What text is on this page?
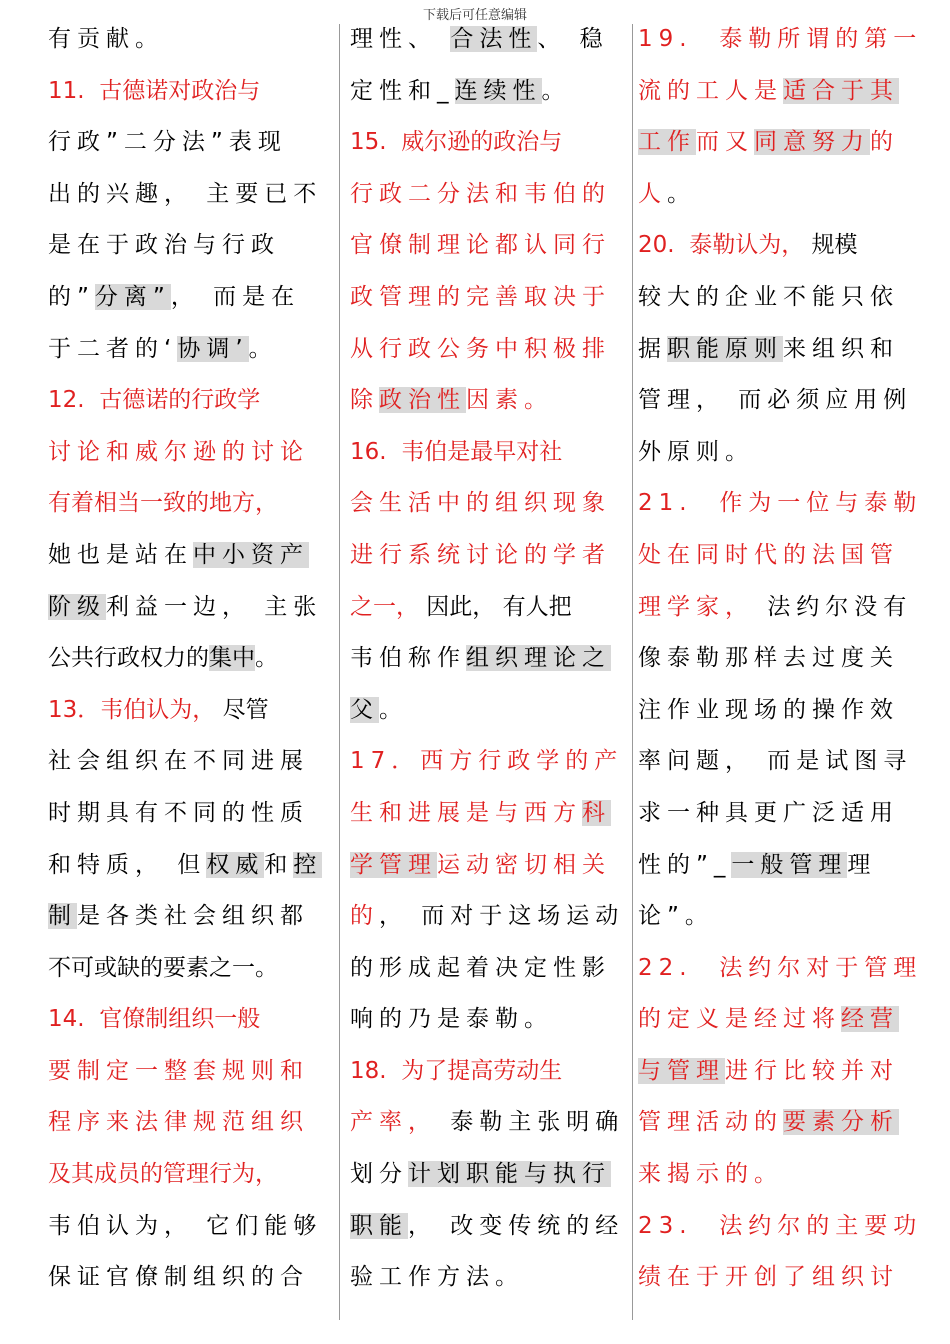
下载后可任意编辑
有贡献。
11.  古德诺对政治与
行政”二分法”表现
出的兴趣， 主要已不
是在于政治与行政
的”分离”， 而是在
于二者的‘协调’。
12.  古德诺的行政学
讨论和威尔逊的讨论
有着相当一致的地方，
她也是站在中小资产
阶级利益一边， 主张
公共行政权力的集中。
13．韦伯认为， 尽管
社会组织在不同进展
时期具有不同的性质
和特质， 但权威和控
制是各类社会组织都
不可或缺的要素之一。
14.  官僚制组织一般
要制定一整套规则和
程序来法律规范组织
及其成员的管理行为，
韦伯认为， 它们能够
保证官僚制组织的合
理性、 合法性、 稳
定性和_连续性。
15.  威尔逊的政治与
行政二分法和韦伯的
官僚制理论都认同行
政管理的完善取决于
从行政公务中积极排
除政治性因素。
16.  韦伯是最早对社
会生活中的组织现象
进行系统讨论的学者
之一， 因此， 有人把
韦伯称作组织理论之
父。
17．西方行政学的产
生和进展是与西方科
学管理运动密切相关
的， 而对于这场运动
的形成起着决定性影
响的乃是泰勒。
18.  为了提高劳动生
产率， 泰勒主张明确
划分计划职能与执行
职能， 改变传统的经
验工作方法。
19.  泰勒所谓的第一
流的工人是适合于其
工作而又同意努力的
人。
20.  泰勒认为， 规模
较大的企业不能只依
据职能原则来组织和
管理， 而必须应用例
外原则。
21.  作为一位与泰勒
处在同时代的法国管
理学家， 法约尔没有
像泰勒那样去过度关
注作业现场的操作效
率问题， 而是试图寻
求一种具更广泛适用
性的”_一般管理理
论”。
22.  法约尔对于管理
的定义是经过将经营
与管理进行比较并对
管理活动的要素分析
来揭示的。
23.  法约尔的主要功
绩在于开创了组织讨
